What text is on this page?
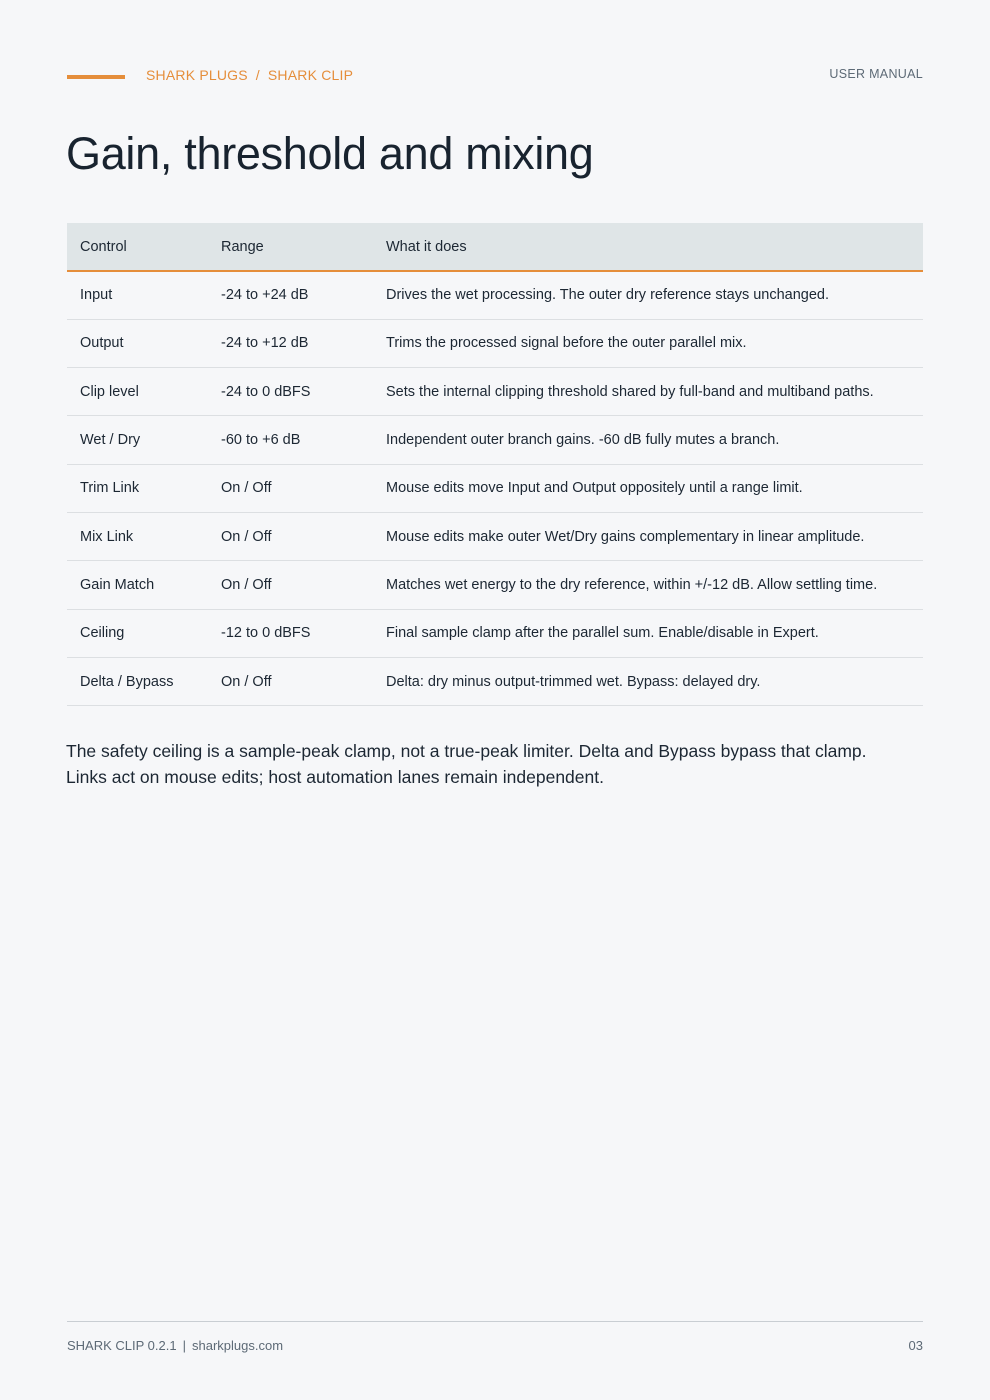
SHARK PLUGS / SHARK CLIP	USER MANUAL
Gain, threshold and mixing
Control	Range	What it does
Input	-24 to +24 dB	Drives the wet processing. The outer dry reference stays unchanged.
Output	-24 to +12 dB	Trims the processed signal before the outer parallel mix.
Clip level	-24 to 0 dBFS	Sets the internal clipping threshold shared by full-band and multiband paths.
Wet / Dry	-60 to +6 dB	Independent outer branch gains. -60 dB fully mutes a branch.
Trim Link	On / Off	Mouse edits move Input and Output oppositely until a range limit.
Mix Link	On / Off	Mouse edits make outer Wet/Dry gains complementary in linear amplitude.
Gain Match	On / Off	Matches wet energy to the dry reference, within +/-12 dB. Allow settling time.
Ceiling	-12 to 0 dBFS	Final sample clamp after the parallel sum. Enable/disable in Expert.
Delta / Bypass	On / Off	Delta: dry minus output-trimmed wet. Bypass: delayed dry.

The safety ceiling is a sample-peak clamp, not a true-peak limiter. Delta and Bypass bypass that clamp.

Links act on mouse edits; host automation lanes remain independent.

SHARK CLIP 0.2.1 | sharkplugs.com	03
